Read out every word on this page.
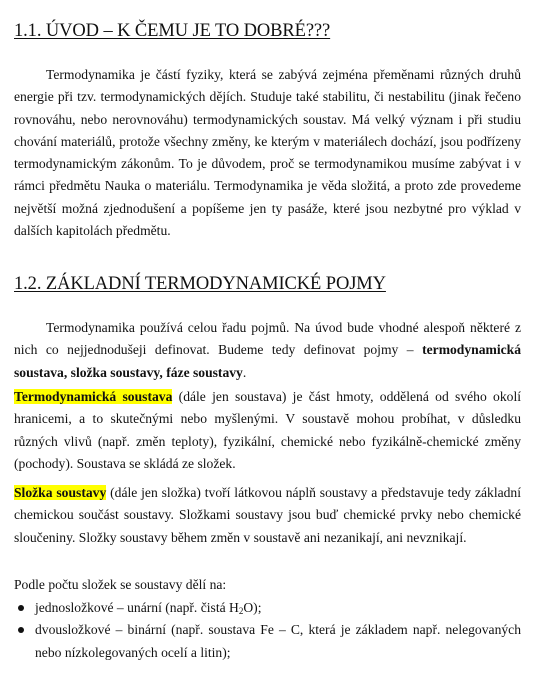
1.1. ÚVOD – K ČEMU JE TO DOBRÉ???

Termodynamika je částí fyziky, která se zabývá zejména přeměnami různých druhů energie při tzv. termodynamických dějích. Studuje také stabilitu, či nestabilitu (jinak řečeno rovnováhu, nebo nerovnováhu) termodynamických soustav. Má velký význam i při studiu chování materiálů, protože všechny změny, ke kterým v materiálech dochází, jsou podřízeny termodynamickým zákonům. To je důvodem, proč se termodynamikou musíme zabývat i v rámci předmětu Nauka o materiálu. Termodynamika je věda složitá, a proto zde provedeme největší možná zjednodušení a popíšeme jen ty pasáže, které jsou nezbytné pro výklad v dalších kapitolách předmětu.

1.2. ZÁKLADNÍ TERMODYNAMICKÉ POJMY

Termodynamika používá celou řadu pojmů. Na úvod bude vhodné alespoň některé z nich co nejjednodušeji definovat. Budeme tedy definovat pojmy – termodynamická soustava, složka soustavy, fáze soustavy.

Termodynamická soustava (dále jen soustava) je část hmoty, oddělená od svého okolí hranicemi, a to skutečnými nebo myšlenými. V soustavě mohou probíhat, v důsledku různých vlivů (např. změn teploty), fyzikální, chemické nebo fyzikálně-chemické změny (pochody). Soustava se skládá ze složek.

Složka soustavy (dále jen složka) tvoří látkovou náplň soustavy a představuje tedy základní chemickou součást soustavy. Složkami soustavy jsou buď chemické prvky nebo chemické sloučeniny. Složky soustavy během změn v soustavě ani nezanikají, ani nevznikají.

Podle počtu složek se soustavy dělí na:

jednosložkové – unární (např. čistá $H_2O$);
dvousložkové – binární (např. soustava Fe – C, která je základem např. nelegovaných nebo nízkolegovaných ocelí a litin);
